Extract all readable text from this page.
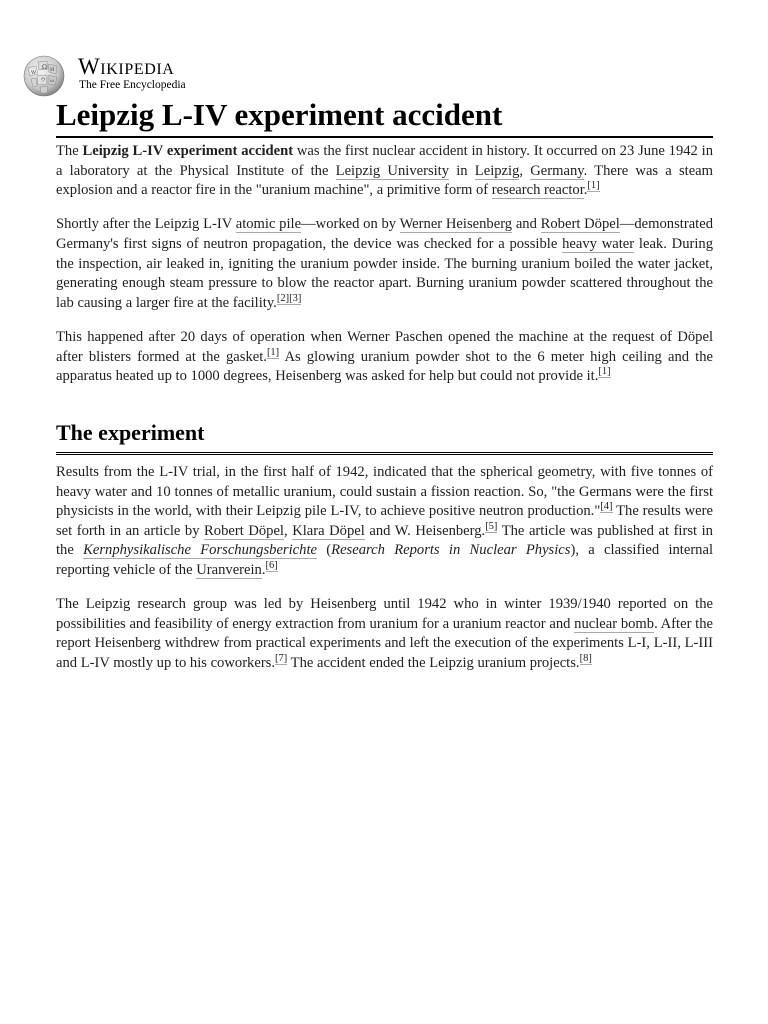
Ω
W	И
ウ ω
Wikipedia
The Free Encyclopedia
Leipzig L-IV experiment accident

The Leipzig L-IV experiment accident was the first nuclear accident in history. It occurred on 23 June 1942 in a laboratory at the Physical Institute of the Leipzig University in Leipzig, Germany. There was a steam explosion and a reactor fire in the "uranium machine", a primitive form of research reactor.[1]

Shortly after the Leipzig L-IV atomic pile—worked on by Werner Heisenberg and Robert Döpel—demonstrated Germany's first signs of neutron propagation, the device was checked for a possible heavy water leak. During the inspection, air leaked in, igniting the uranium powder inside. The burning uranium boiled the water jacket, generating enough steam pressure to blow the reactor apart. Burning uranium powder scattered throughout the lab causing a larger fire at the facility.[2][3]

This happened after 20 days of operation when Werner Paschen opened the machine at the request of Döpel after blisters formed at the gasket.[1] As glowing uranium powder shot to the 6 meter high ceiling and the apparatus heated up to 1000 degrees, Heisenberg was asked for help but could not provide it.[1]

The experiment

Results from the L-IV trial, in the first half of 1942, indicated that the spherical geometry, with five tonnes of heavy water and 10 tonnes of metallic uranium, could sustain a fission reaction. So, "the Germans were the first physicists in the world, with their Leipzig pile L-IV, to achieve positive neutron production."[4] The results were set forth in an article by Robert Döpel, Klara Döpel and W. Heisenberg.[5] The article was published at first in the Kernphysikalische Forschungsberichte (Research Reports in Nuclear Physics), a classified internal reporting vehicle of the Uranverein.[6]

The Leipzig research group was led by Heisenberg until 1942 who in winter 1939/1940 reported on the possibilities and feasibility of energy extraction from uranium for a uranium reactor and nuclear bomb. After the report Heisenberg withdrew from practical experiments and left the execution of the experiments L-I, L-II, L-III and L-IV mostly up to his coworkers.[7] The accident ended the Leipzig uranium projects.[8]
